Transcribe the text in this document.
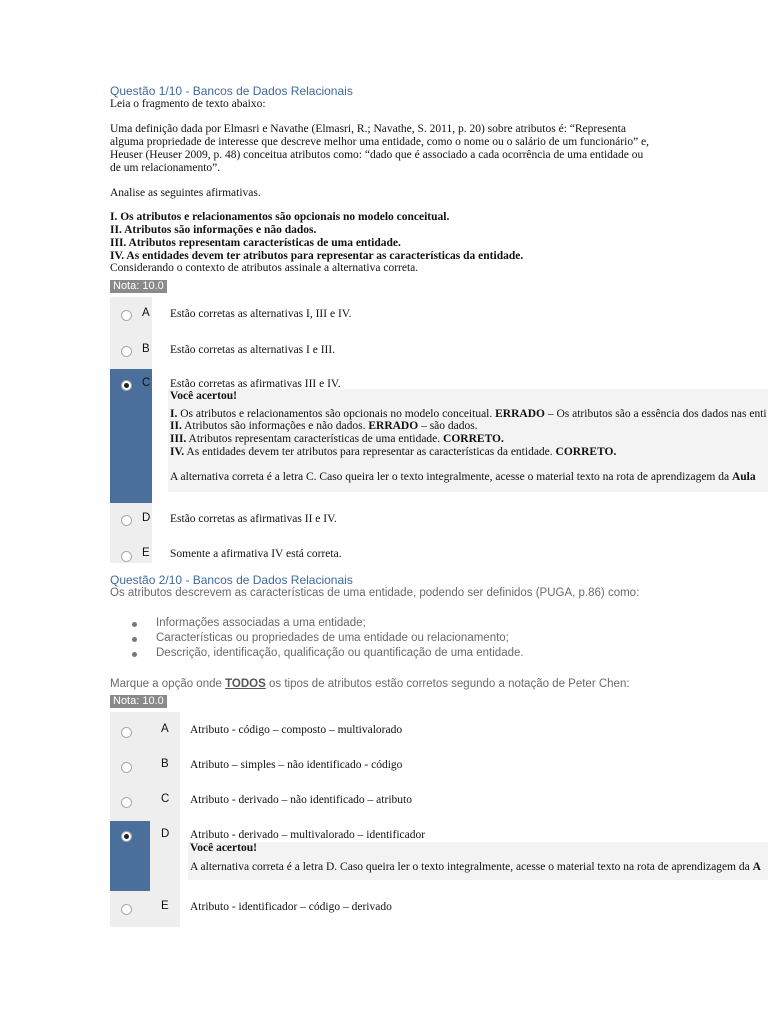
Questão 1/10 - Bancos de Dados Relacionais
Leia o fragmento de texto abaixo:
Uma definição dada por Elmasri e Navathe (Elmasri, R.; Navathe, S. 2011, p. 20) sobre atributos é: “Representa
alguma propriedade de interesse que descreve melhor uma entidade, como o nome ou o salário de um funcionário” e,
Heuser (Heuser 2009, p. 48) conceitua atributos como: “dado que é associado a cada ocorrência de uma entidade ou
de um relacionamento”.
Analise as seguintes afirmativas.
I. Os atributos e relacionamentos são opcionais no modelo conceitual.
II. Atributos são informações e não dados.
III. Atributos representam características de uma entidade.
IV. As entidades devem ter atributos para representar as características da entidade.
Considerando o contexto de atributos assinale a alternativa correta.
Nota: 10.0
A Estão corretas as alternativas I, III e IV.
B Estão corretas as alternativas I e III.
C Estão corretas as afirmativas III e IV.
Você acertou!
I. Os atributos e relacionamentos são opcionais no modelo conceitual. ERRADO – Os atributos são a essência dos dados nas enti
II. Atributos são informações e não dados. ERRADO – são dados.
III. Atributos representam características de uma entidade. CORRETO.
IV. As entidades devem ter atributos para representar as características da entidade. CORRETO.
A alternativa correta é a letra C. Caso queira ler o texto integralmente, acesse o material texto na rota de aprendizagem da Aula
D Estão corretas as afirmativas II e IV.
E Somente a afirmativa IV está correta.
Questão 2/10 - Bancos de Dados Relacionais
Os atributos descrevem as características de uma entidade, podendo ser definidos (PUGA, p.86) como:
Informações associadas a uma entidade;
Características ou propriedades de uma entidade ou relacionamento;
Descrição, identificação, qualificação ou quantificação de uma entidade.
Marque a opção onde TODOS os tipos de atributos estão corretos segundo a notação de Peter Chen:
Nota: 10.0
A Atributo - código – composto – multivalorado
B Atributo – simples – não identificado - código
C Atributo - derivado – não identificado – atributo
D Atributo - derivado – multivalorado – identificador
Você acertou!
A alternativa correta é a letra D. Caso queira ler o texto integralmente, acesse o material texto na rota de aprendizagem da A
E Atributo - identificador – código – derivado
